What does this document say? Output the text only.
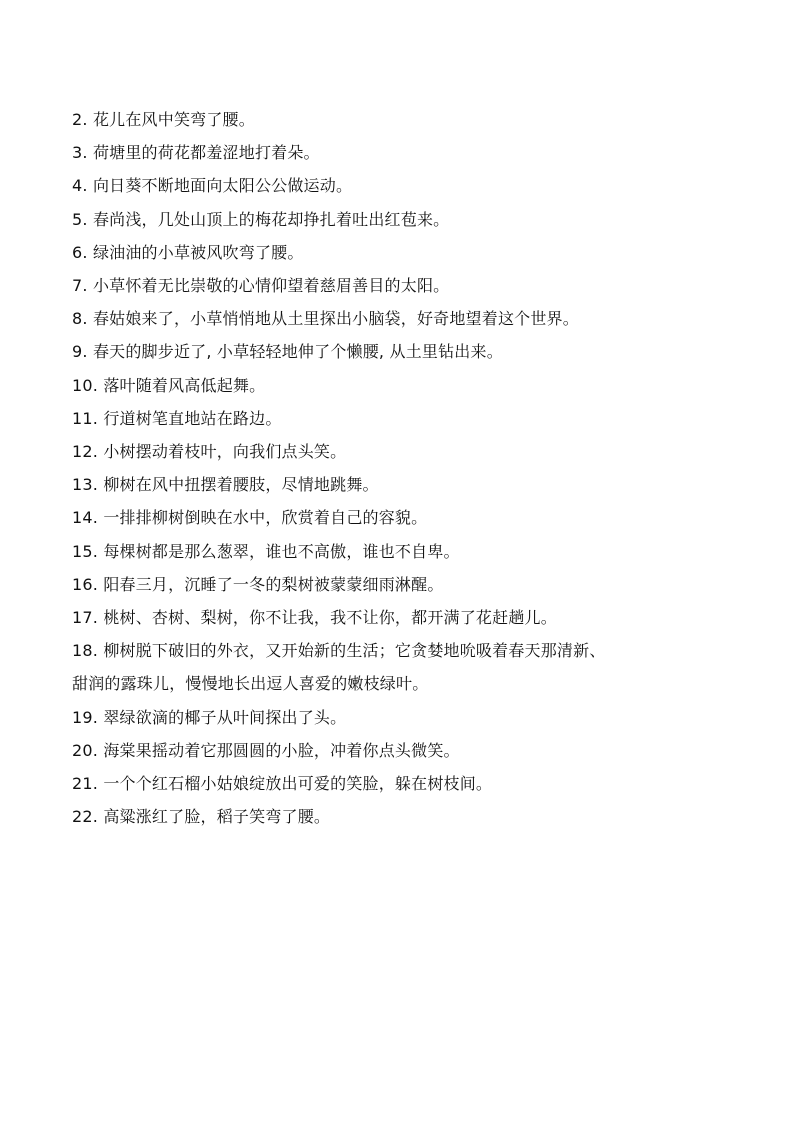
2. 花儿在风中笑弯了腰。
3. 荷塘里的荷花都羞涩地打着朵。
4. 向日葵不断地面向太阳公公做运动。
5. 春尚浅，几处山顶上的梅花却挣扎着吐出红苞来。
6. 绿油油的小草被风吹弯了腰。
7. 小草怀着无比崇敬的心情仰望着慈眉善目的太阳。
8. 春姑娘来了，小草悄悄地从土里探出小脑袋，好奇地望着这个世界。
9. 春天的脚步近了, 小草轻轻地伸了个懒腰, 从土里钻出来。
10. 落叶随着风高低起舞。
11. 行道树笔直地站在路边。
12. 小树摆动着枝叶，向我们点头笑。
13. 柳树在风中扭摆着腰肢，尽情地跳舞。
14. 一排排柳树倒映在水中，欣赏着自己的容貌。
15. 每棵树都是那么葱翠，谁也不高傲，谁也不自卑。
16. 阳春三月，沉睡了一冬的梨树被蒙蒙细雨淋醒。
17. 桃树、杏树、梨树，你不让我，我不让你，都开满了花赶趟儿。
18. 柳树脱下破旧的外衣，又开始新的生活；它贪婪地吮吸着春天那清新、
甜润的露珠儿，慢慢地长出逗人喜爱的嫩枝绿叶。
19. 翠绿欲滴的椰子从叶间探出了头。
20. 海棠果摇动着它那圆圆的小脸，冲着你点头微笑。
21. 一个个红石榴小姑娘绽放出可爱的笑脸，躲在树枝间。
22. 高粱涨红了脸，稻子笑弯了腰。
